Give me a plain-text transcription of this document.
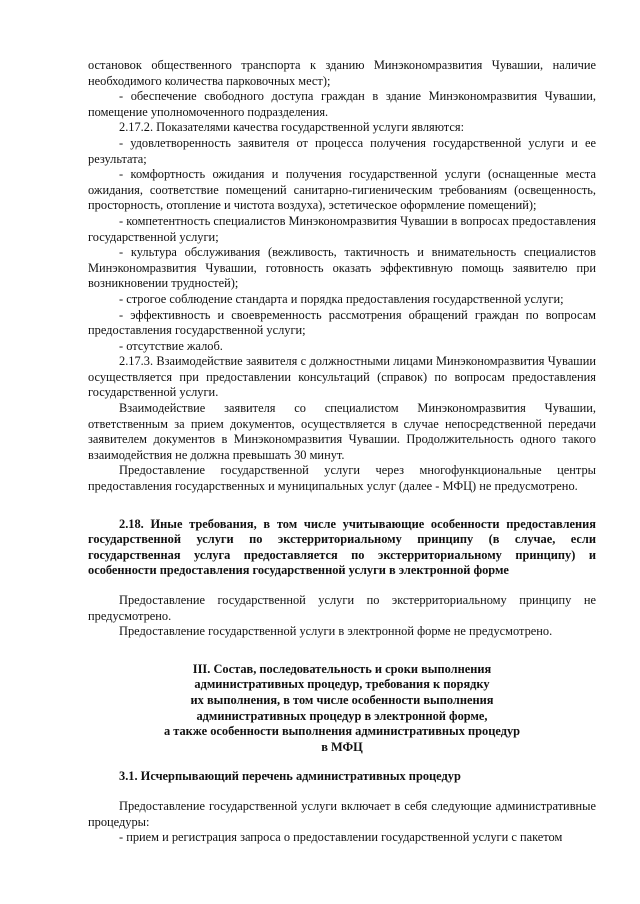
остановок общественного транспорта к зданию Минэкономразвития Чувашии, наличие необходимого количества парковочных мест);

- обеспечение свободного доступа граждан в здание Минэкономразвития Чувашии, помещение уполномоченного подразделения.

2.17.2. Показателями качества государственной услуги являются:

- удовлетворенность заявителя от процесса получения государственной услуги и ее результата;

- комфортность ожидания и получения государственной услуги (оснащенные места ожидания, соответствие помещений санитарно-гигиеническим требованиям (освещенность, просторность, отопление и чистота воздуха), эстетическое оформление помещений);

- компетентность специалистов Минэкономразвития Чувашии в вопросах предоставления государственной услуги;

- культура обслуживания (вежливость, тактичность и внимательность специалистов Минэкономразвития Чувашии, готовность оказать эффективную помощь заявителю при возникновении трудностей);

- строгое соблюдение стандарта и порядка предоставления государственной услуги;

- эффективность и своевременность рассмотрения обращений граждан по вопросам предоставления государственной услуги;

- отсутствие жалоб.

2.17.3. Взаимодействие заявителя с должностными лицами Минэкономразвития Чувашии осуществляется при предоставлении консультаций (справок) по вопросам предоставления государственной услуги.

Взаимодействие заявителя со специалистом Минэкономразвития Чувашии, ответственным за прием документов, осуществляется в случае непосредственной передачи заявителем документов в Минэкономразвития Чувашии. Продолжительность одного такого взаимодействия не должна превышать 30 минут.

Предоставление государственной услуги через многофункциональные центры предоставления государственных и муниципальных услуг (далее - МФЦ) не предусмотрено.

2.18. Иные требования, в том числе учитывающие особенности предоставления государственной услуги по экстерриториальному принципу (в случае, если государственная услуга предоставляется по экстерриториальному принципу) и особенности предоставления государственной услуги в электронной форме

Предоставление государственной услуги по экстерриториальному принципу не предусмотрено.

Предоставление государственной услуги в электронной форме не предусмотрено.

III. Состав, последовательность и сроки выполнения

административных процедур, требования к порядку

их выполнения, в том числе особенности выполнения

административных процедур в электронной форме,

а также особенности выполнения административных процедур

в МФЦ

3.1. Исчерпывающий перечень административных процедур

Предоставление государственной услуги включает в себя следующие административные процедуры:

- прием и регистрация запроса о предоставлении государственной услуги с пакетом
